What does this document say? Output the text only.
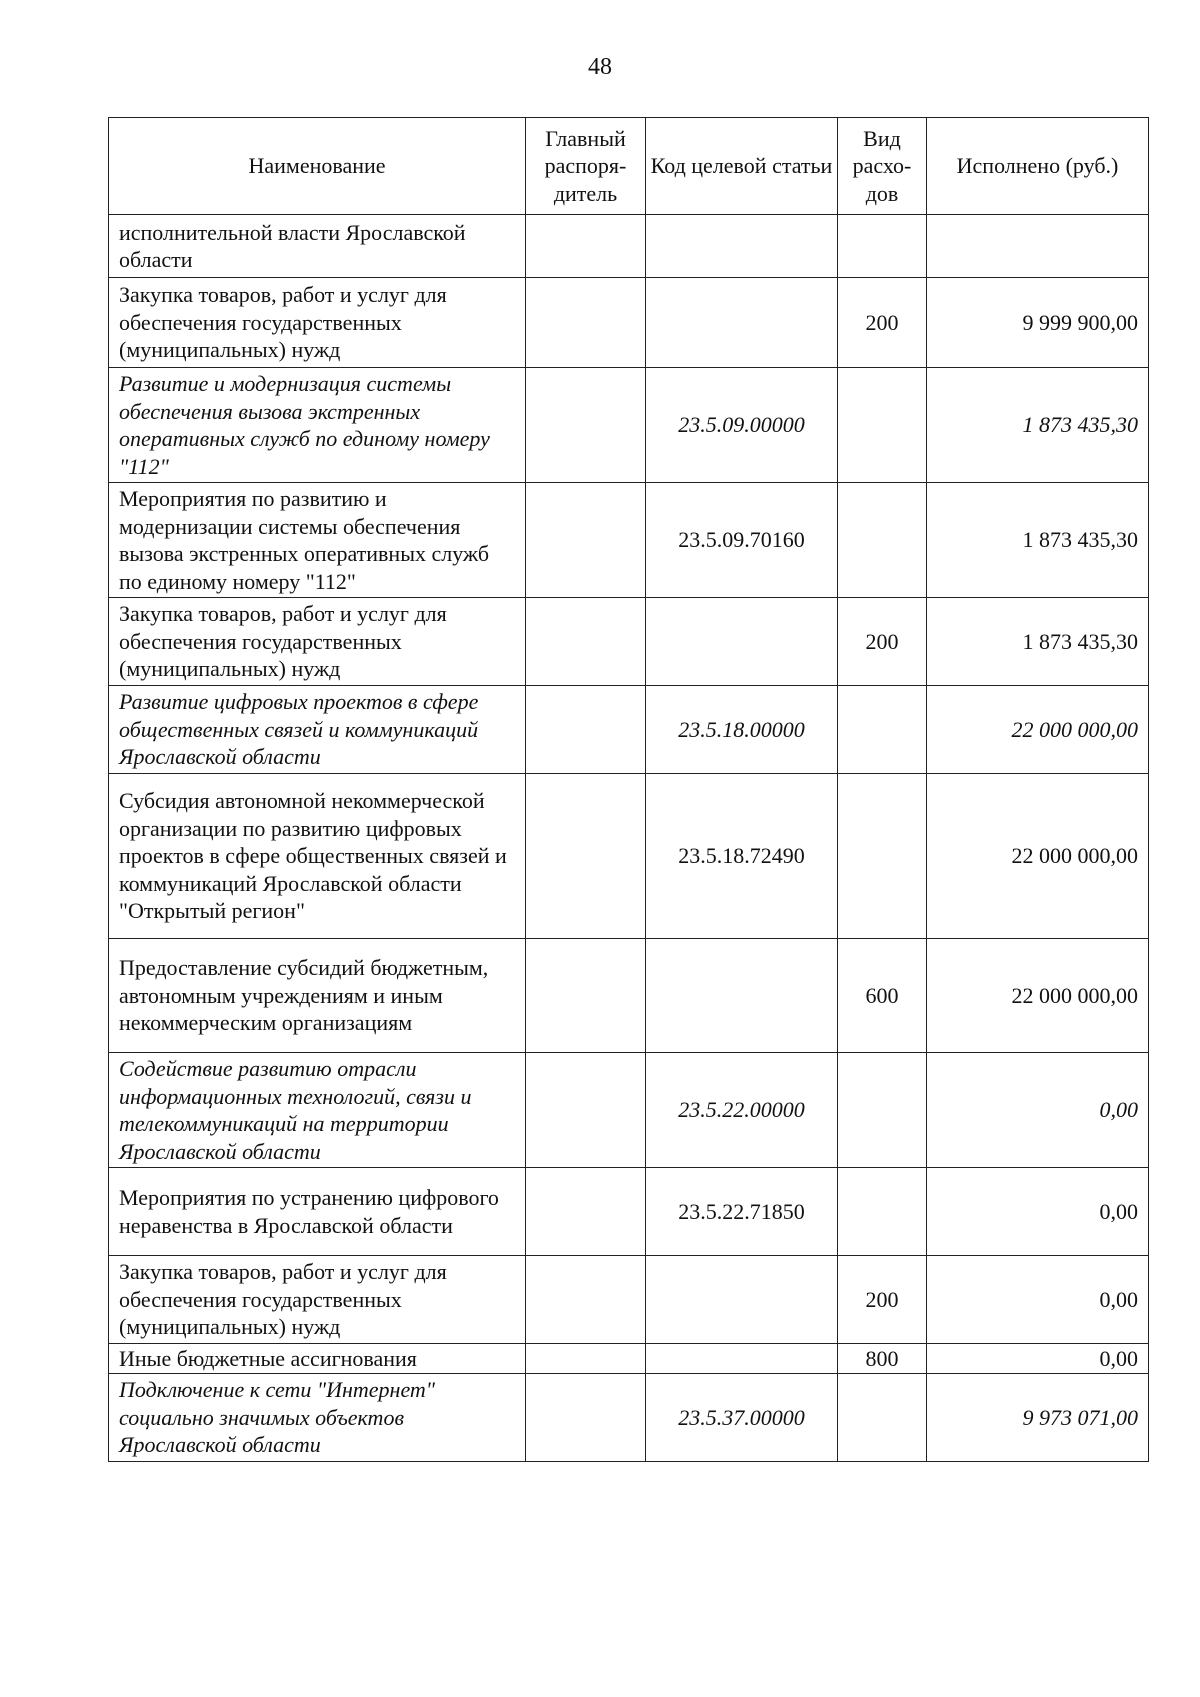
48
Наименование	Главный распоря-дитель	Код целевой статьи	Вид расхо-дов	Исполнено (руб.)
исполнительной власти Ярославской области				
Закупка товаров, работ и услуг для обеспечения государственных (муниципальных) нужд			200	9 999 900,00
Развитие и модернизация системы обеспечения вызова экстренных оперативных служб по единому номеру "112"		23.5.09.00000		1 873 435,30
Мероприятия по развитию и модернизации системы обеспечения вызова экстренных оперативных служб по единому номеру "112"		23.5.09.70160		1 873 435,30
Закупка товаров, работ и услуг для обеспечения государственных (муниципальных) нужд			200	1 873 435,30
Развитие цифровых проектов в сфере общественных связей и коммуникаций Ярославской области		23.5.18.00000		22 000 000,00
Субсидия автономной некоммерческой организации по развитию цифровых проектов в сфере общественных связей и коммуникаций Ярославской области "Открытый регион"		23.5.18.72490		22 000 000,00
Предоставление субсидий бюджетным, автономным учреждениям и иным некоммерческим организациям			600	22 000 000,00
Содействие развитию отрасли информационных технологий, связи и телекоммуникаций на территории Ярославской области		23.5.22.00000		0,00
Мероприятия по устранению цифрового неравенства в Ярославской области		23.5.22.71850		0,00
Закупка товаров, работ и услуг для обеспечения государственных (муниципальных) нужд			200	0,00
Иные бюджетные ассигнования			800	0,00
Подключение к сети "Интернет" социально значимых объектов Ярославской области		23.5.37.00000		9 973 071,00
